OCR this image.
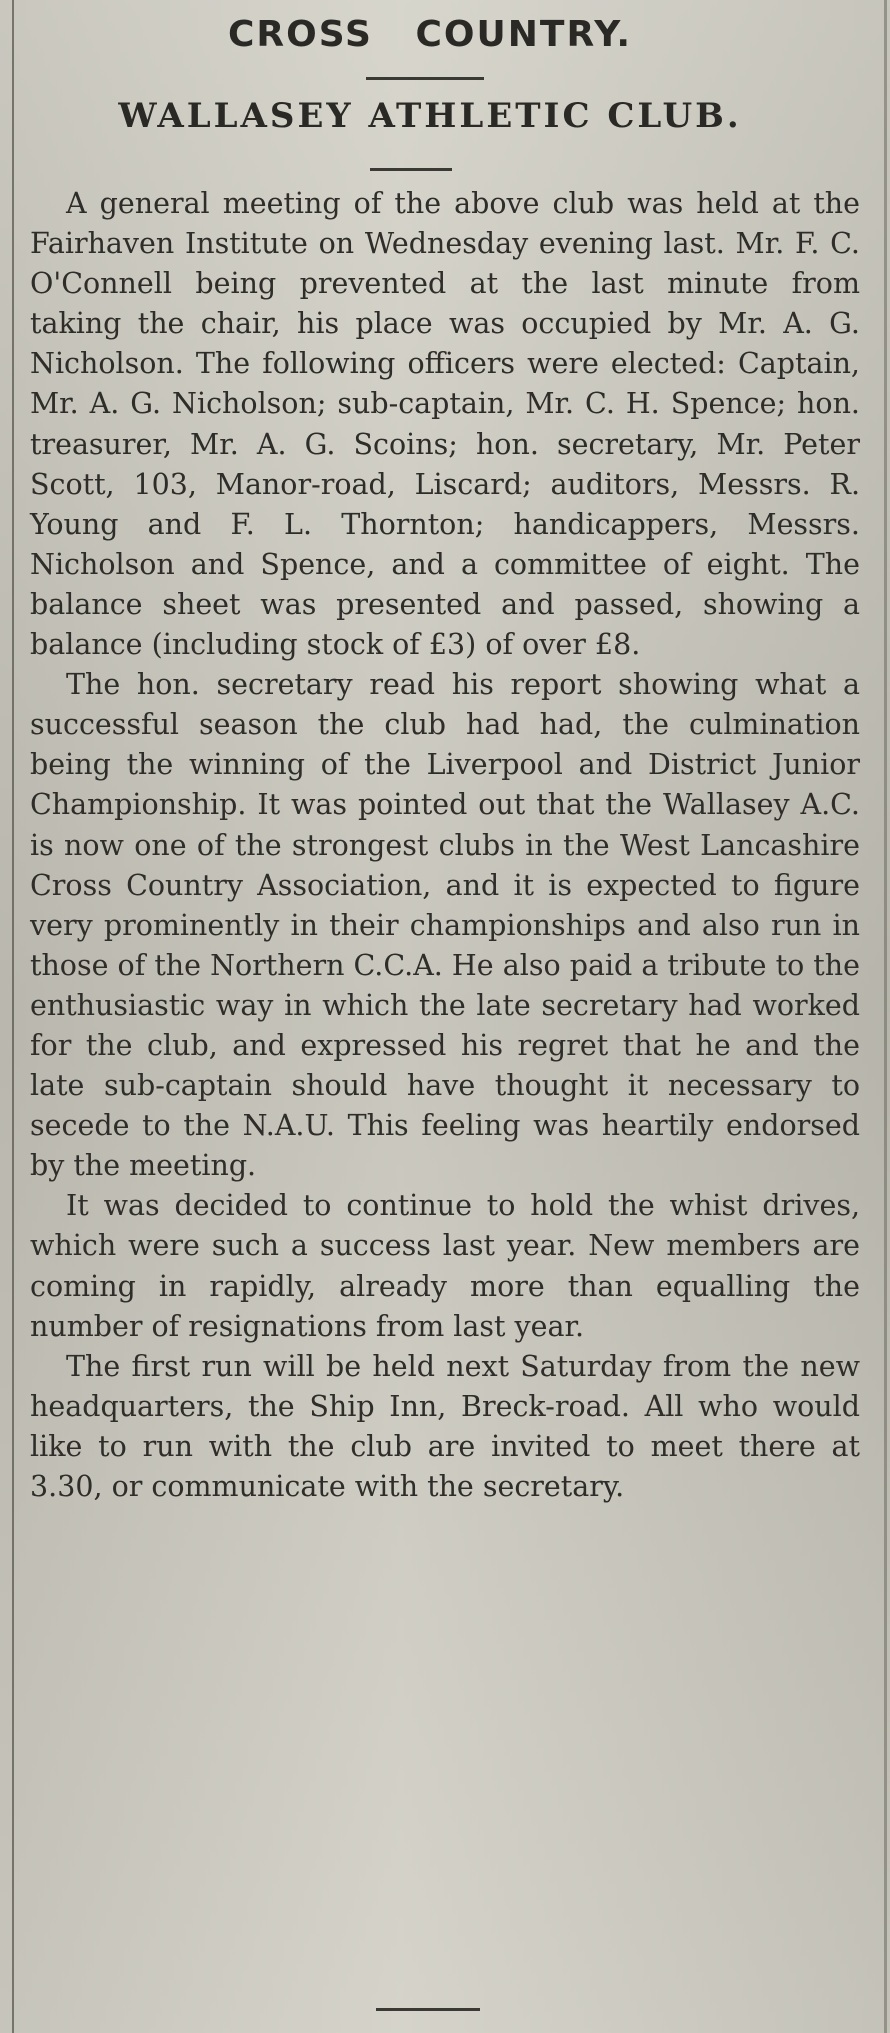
CROSS COUNTRY.
WALLASEY ATHLETIC CLUB.

A general meeting of the above club was held at the Fairhaven Institute on Wednesday evening last. Mr. F. C. O'Connell being prevented at the last minute from taking the chair, his place was occupied by Mr. A. G. Nicholson. The following officers were elected: Captain, Mr. A. G. Nicholson; sub-captain, Mr. C. H. Spence; hon. treasurer, Mr. A. G. Scoins; hon. secretary, Mr. Peter Scott, 103, Manor-road, Liscard; auditors, Messrs. R. Young and F. L. Thornton; handicappers, Messrs. Nicholson and Spence, and a committee of eight. The balance sheet was presented and passed, showing a balance (including stock of £3) of over £8.

The hon. secretary read his report showing what a successful season the club had had, the culmination being the winning of the Liverpool and District Junior Championship. It was pointed out that the Wallasey A.C. is now one of the strongest clubs in the West Lancashire Cross Country Association, and it is expected to figure very prominently in their championships and also run in those of the Northern C.C.A. He also paid a tribute to the enthusiastic way in which the late secretary had worked for the club, and expressed his regret that he and the late sub-captain should have thought it necessary to secede to the N.A.U. This feeling was heartily endorsed by the meeting.

It was decided to continue to hold the whist drives, which were such a success last year. New members are coming in rapidly, already more than equalling the number of resignations from last year.

The first run will be held next Saturday from the new headquarters, the Ship Inn, Breck-road. All who would like to run with the club are invited to meet there at 3.30, or communicate with the secretary.
